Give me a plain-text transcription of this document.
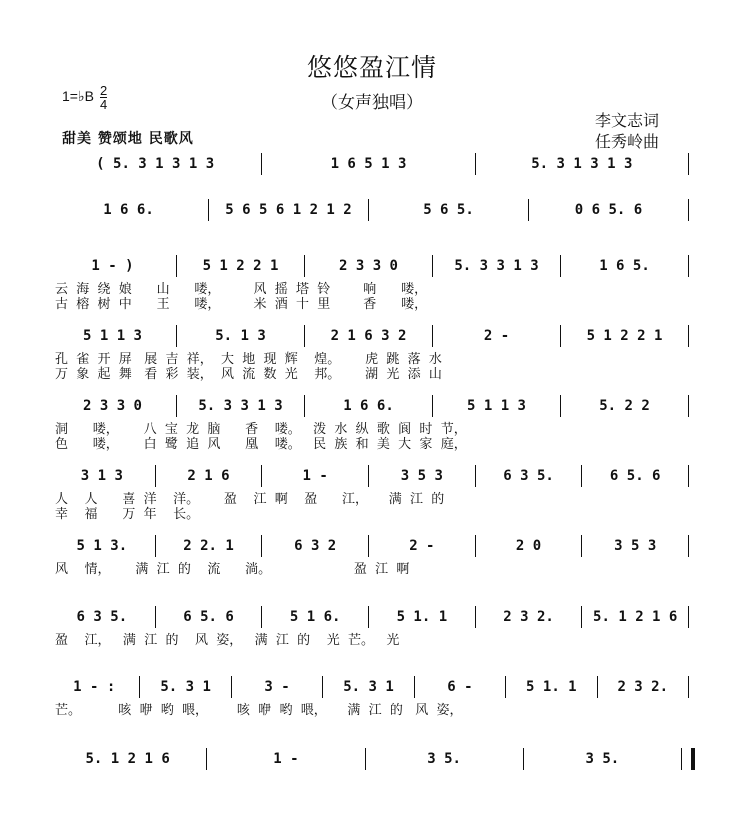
悠悠盈江情
（女声独唱）
1=♭B 2
4
甜美 赞颂地 民歌风
李文志词
任秀岭曲
( 5. 3 1 3 1 3	1 6 5 1 3	5. 3 1 3 1 3
1 6 6.	5 6 5 6 1 2 1 2	5 6 5.	0 6 5. 6
1 - )	5 1 2 2 1	2 3 3 0	5. 3 3 1 3	1 6 5.
云  海  绕  娘      山      喽，        风  摇  塔  铃        响      喽，
古  榕  树  中      王      喽，        米  酒  十  里        香      喽，
5 1 1 3	5. 1 3	2 1 6 3 2	2 -	5 1 2 2 1
孔  雀  开  屏   展  吉  祥，  大  地  现  辉    煌。      虎  跳  落  水
万  象  起  舞   看  彩  装，  风  流  数  光    邦。      湖  光  添  山
2 3 3 0	5. 3 3 1 3	1 6 6.	5 1 1 3	5. 2 2
洞      喽，      八  宝  龙  脑      香    喽。   泼  水  纵  歌  阆  时  节，
色      喽，      白  鹭  追  风      凰    喽。   民  族  和  美  大  家  庭，
3 1 3	2 1 6	1 -	3 5 3	6 3 5.	6 5. 6
人    人      喜  洋    洋。      盈    江  啊    盈      江，     满  江  的
幸    福      万  年    长。
5 1 3.	2 2. 1	6 3 2	2 -	2 0	3 5 3
风    情，      满  江  的    流      淌。                    盈  江  啊
6 3 5.	6 5. 6	5 1 6.	5 1. 1	2 3 2.	5. 1 2 1 6
盈    江，   满  江  的    风  姿，   满  江  的    光  芒。   光
1 - :	5. 3 1	3 -	5. 3 1	6 -	5 1. 1	2 3 2.
芒。         咳  咿  哟  喂，       咳  咿  哟  喂，     满  江  的   风  姿，
5. 1 2 1 6	1 -	3 5.	3 5.
